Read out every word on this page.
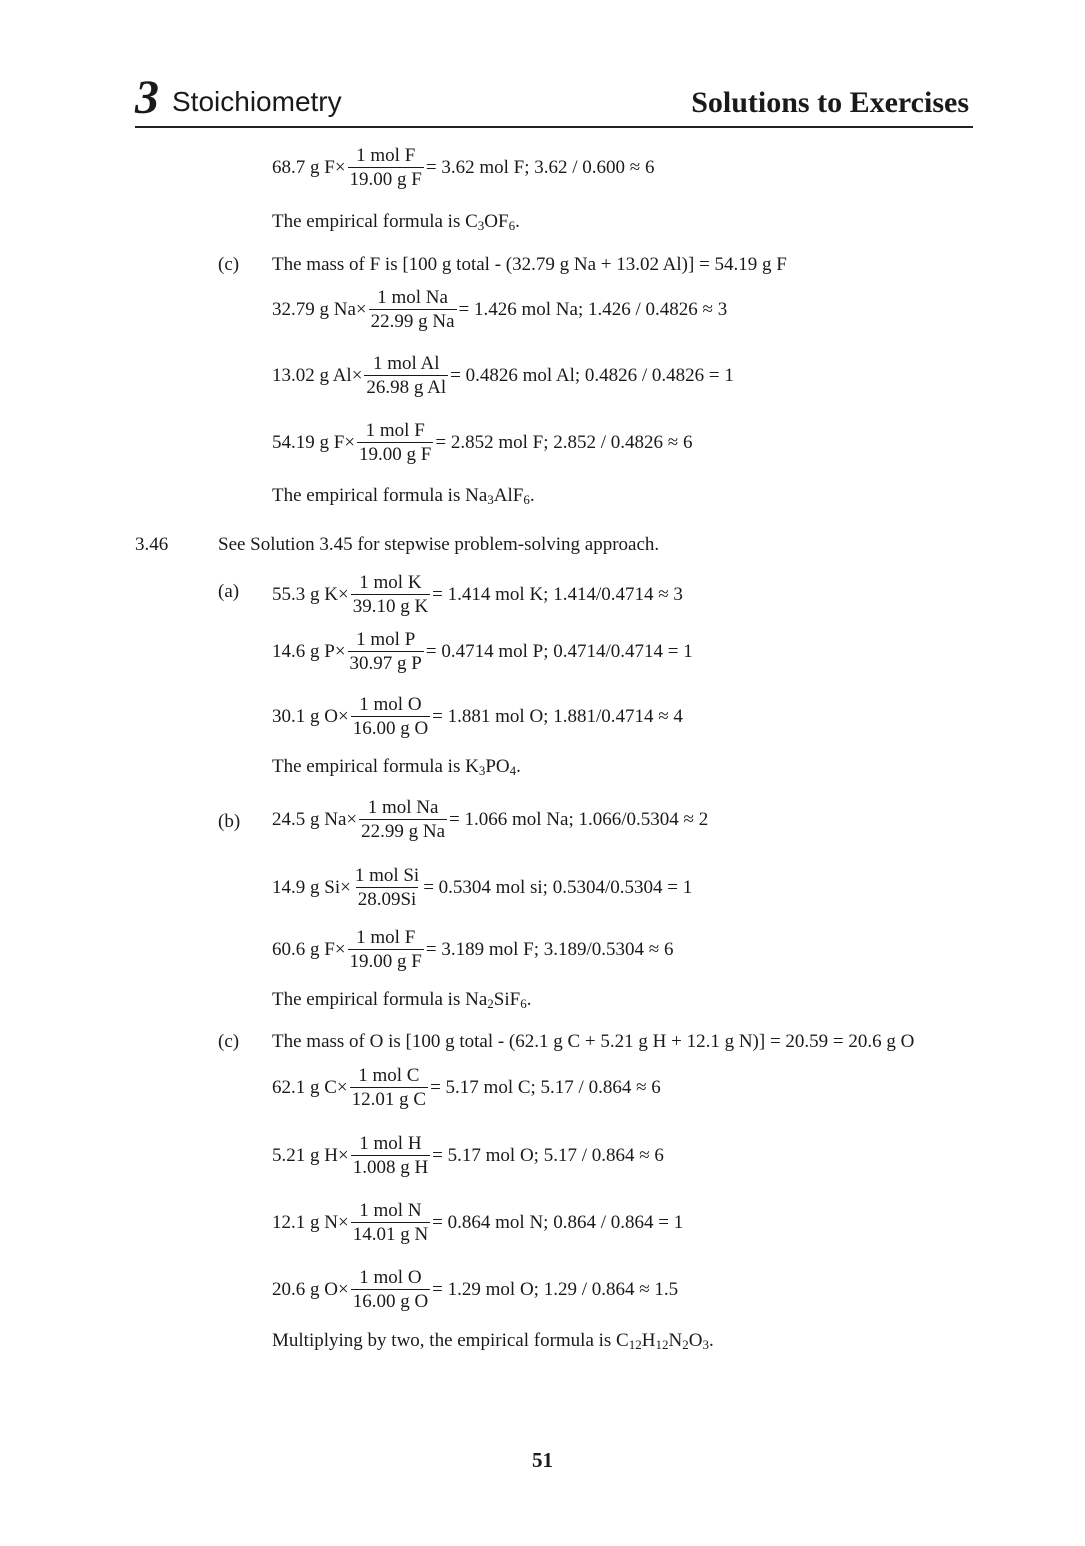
3 Stoichiometry	Solutions to Exercises
68.7 g $F\times \frac{\text{1 mol F}}{\text{19.00 g F}} = 3.62$ mol F; 3.62 / 0.600 ≈ 6
The empirical formula is $C_3OF_6$.
(c) The mass of F is [100 g total - (32.79 g Na + 13.02 Al)] = 54.19 g F
32.79 g $Na\times \frac{\text{1 mol Na}}{\text{22.99 g Na}} = 1.426$ mol Na; 1.426 / 0.4826 ≈ 3
13.02 g $Al\times \frac{\text{1 mol Al}}{\text{26.98 g Al}} = 0.4826$ mol Al; 0.4826 / 0.4826 = 1
54.19 g $F\times \frac{\text{1 mol F}}{\text{19.00 g F}} = 2.852$ mol F; 2.852 / 0.4826 ≈ 6
The empirical formula is $Na_3AlF_6$.
3.46	See Solution 3.45 for stepwise problem-solving approach.
(a) 55.3 g $K\times \frac{\text{1 mol K}}{\text{39.10 g K}} = 1.414$ mol K; 1.414/0.4714 ≈ 3
14.6 g $P\times \frac{\text{1 mol P}}{\text{30.97 g P}} = 0.4714$ mol P; 0.4714/0.4714 = 1
30.1 g $O\times \frac{\text{1 mol O}}{\text{16.00 g O}} = 1.881$ mol O; 1.881/0.4714 ≈ 4
The empirical formula is $K_3PO_4$.
(b) 24.5 g $Na\times \frac{\text{1 mol Na}}{\text{22.99 g Na}} = 1.066$ mol Na; 1.066/0.5304 ≈ 2
14.9 g $Si\times \frac{\text{1 mol Si}}{28.09Si} = 0.5304$ mol si; 0.5304/0.5304 = 1
60.6 g $F\times \frac{\text{1 mol F}}{\text{19.00 g F}} = 3.189$ mol F; 3.189/0.5304 ≈ 6
The empirical formula is $Na_2SiF_6$.
(c) The mass of O is [100 g total - (62.1 g C + 5.21 g H + 12.1 g N)] = 20.59 = 20.6 g O
62.1 g $C\times \frac{\text{1 mol C}}{\text{12.01 g C}} = 5.17$ mol C; 5.17 / 0.864 ≈ 6
5.21 g $H\times \frac{\text{1 mol H}}{\text{1.008 g H}} = 5.17$ mol O; 5.17 / 0.864 ≈ 6
12.1 g $N\times \frac{\text{1 mol N}}{\text{14.01 g N}} = 0.864$ mol N; 0.864 / 0.864 = 1
20.6 g $O\times \frac{\text{1 mol O}}{\text{16.00 g O}} = 1.29$ mol O; 1.29 / 0.864 ≈ 1.5
Multiplying by two, the empirical formula is $C_{12}H_{12}N_2O_3$.
51
